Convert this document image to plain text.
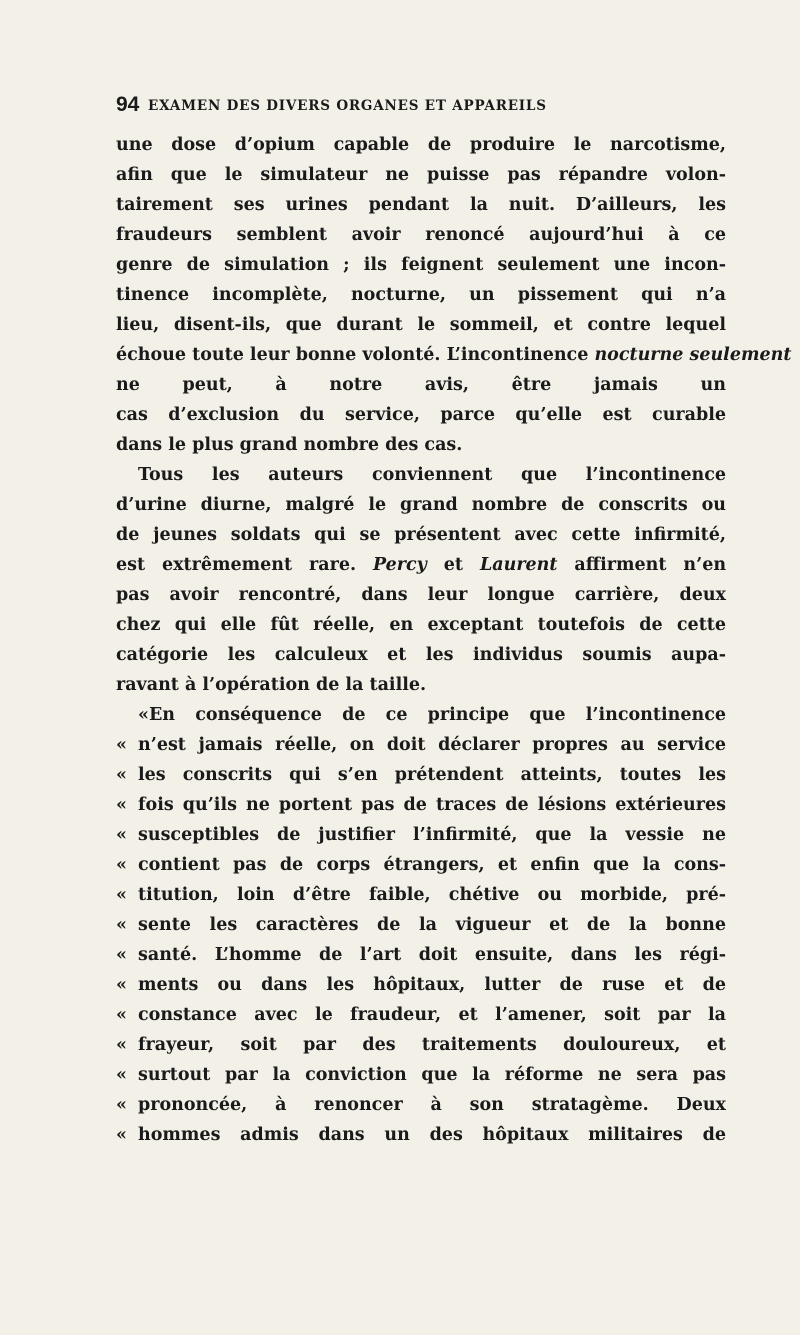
94 EXAMEN DES DIVERS ORGANES ET APPAREILS
une dose d’opium capable de produire le narcotisme,
afin que le simulateur ne puisse pas répandre volon-
tairement ses urines pendant la nuit. D’ailleurs, les
fraudeurs semblent avoir renoncé aujourd’hui à ce
genre de simulation ; ils feignent seulement une incon-
tinence incomplète, nocturne, un pissement qui n’a
lieu, disent-ils, que durant le sommeil, et contre lequel
échoue toute leur bonne volonté. L’incontinence nocturne seulement
ne peut, à notre avis, être jamais un
cas d’exclusion du service, parce qu’elle est curable
dans le plus grand nombre des cas.
Tous les auteurs conviennent que l’incontinence
d’urine diurne, malgré le grand nombre de conscrits ou
de jeunes soldats qui se présentent avec cette infirmité,
est extrêmement rare. Percy et Laurent affirment n’en
pas avoir rencontré, dans leur longue carrière, deux
chez qui elle fût réelle, en exceptant toutefois de cette
catégorie les calculeux et les individus soumis aupa-
ravant à l’opération de la taille.
«En conséquence de ce principe que l’incontinence
« n’est jamais réelle, on doit déclarer propres au service
« les conscrits qui s’en prétendent atteints, toutes les
« fois qu’ils ne portent pas de traces de lésions extérieures
« susceptibles de justifier l’infirmité, que la vessie ne
« contient pas de corps étrangers, et enfin que la cons-
« titution, loin d’être faible, chétive ou morbide, pré-
« sente les caractères de la vigueur et de la bonne
« santé. L’homme de l’art doit ensuite, dans les régi-
« ments ou dans les hôpitaux, lutter de ruse et de
« constance avec le fraudeur, et l’amener, soit par la
« frayeur, soit par des traitements douloureux, et
« surtout par la conviction que la réforme ne sera pas
« prononcée, à renoncer à son stratagème. Deux
« hommes admis dans un des hôpitaux militaires de
